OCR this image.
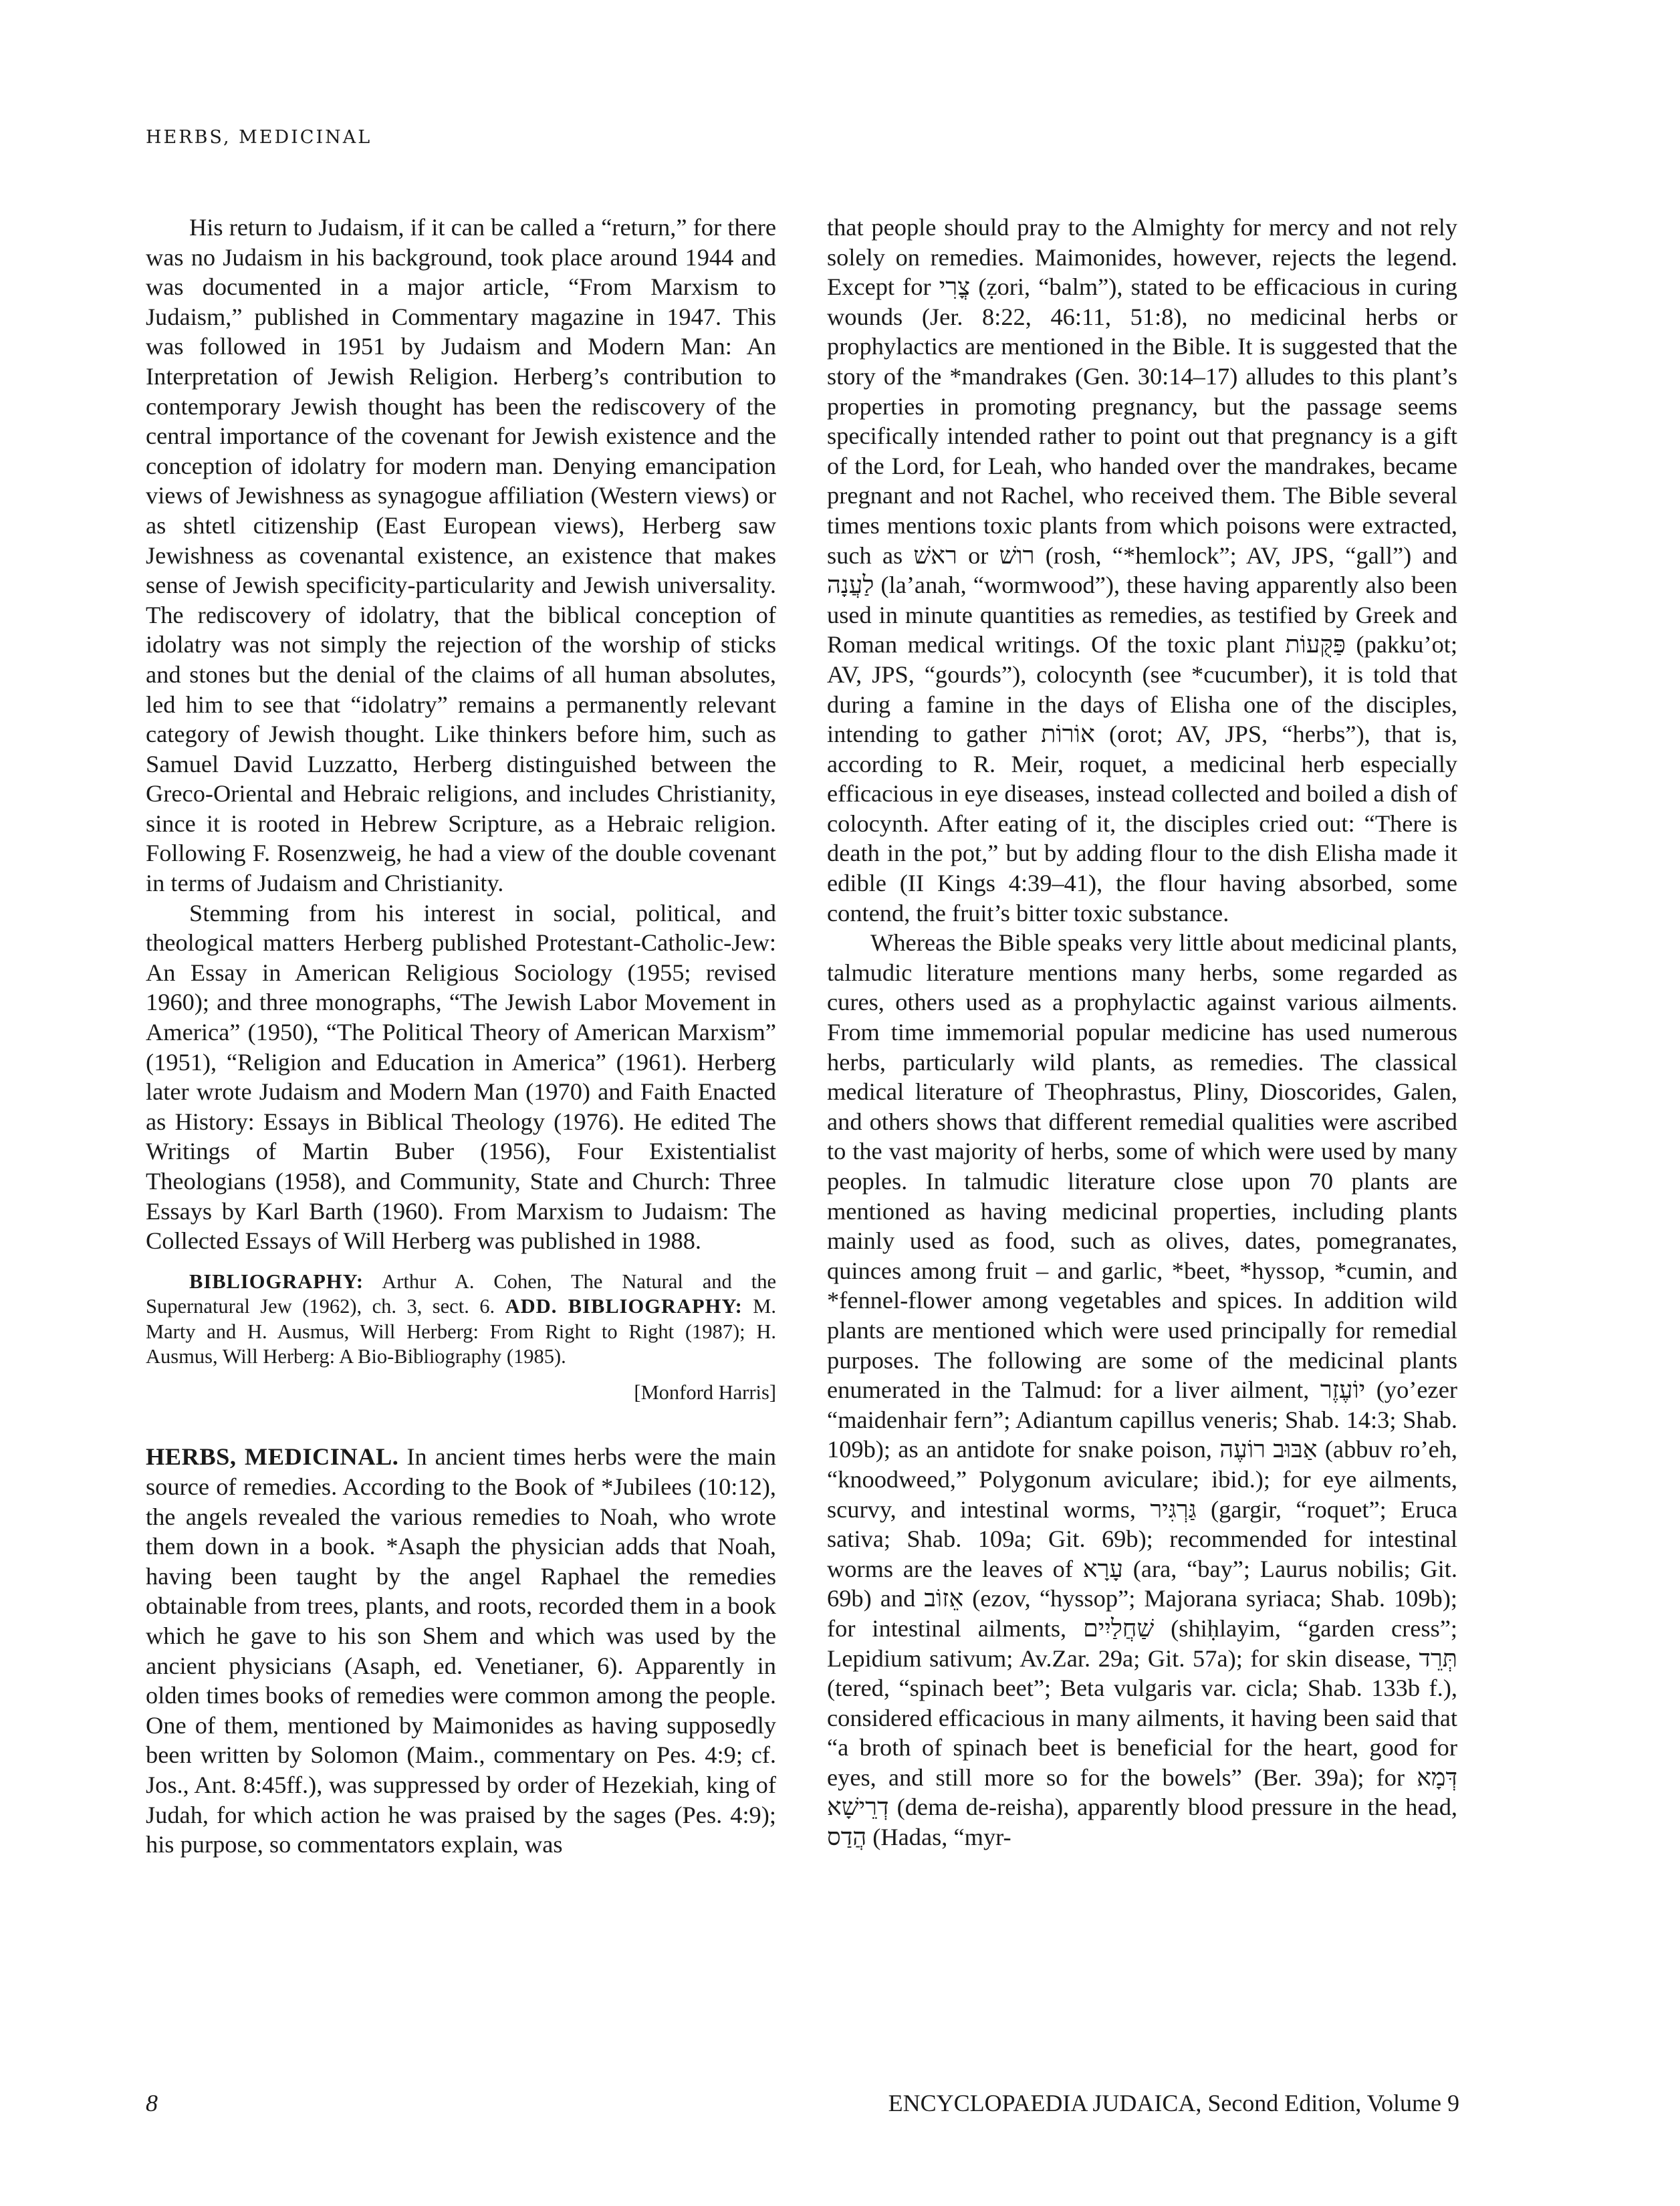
HERBS, MEDICINAL

His return to Judaism, if it can be called a “return,” for there was no Judaism in his background, took place around 1944 and was documented in a major article, “From Marxism to Judaism,” published in Commentary magazine in 1947. This was followed in 1951 by Judaism and Modern Man: An Interpretation of Jewish Religion. Herberg’s contribution to contemporary Jewish thought has been the rediscovery of the central importance of the covenant for Jewish existence and the conception of idolatry for modern man. Denying emancipation views of Jewishness as synagogue affiliation (Western views) or as shtetl citizenship (East European views), Herberg saw Jewishness as covenantal existence, an existence that makes sense of Jewish specificity-particularity and Jewish universality. The rediscovery of idolatry, that the biblical conception of idolatry was not simply the rejection of the worship of sticks and stones but the denial of the claims of all human absolutes, led him to see that “idolatry” remains a permanently relevant category of Jewish thought. Like thinkers before him, such as Samuel David Luzzatto, Herberg distinguished between the Greco-Oriental and Hebraic religions, and includes Christianity, since it is rooted in Hebrew Scripture, as a Hebraic religion. Following F. Rosenzweig, he had a view of the double covenant in terms of Judaism and Christianity.

Stemming from his interest in social, political, and theological matters Herberg published Protestant-Catholic-Jew: An Essay in American Religious Sociology (1955; revised 1960); and three monographs, “The Jewish Labor Movement in America” (1950), “The Political Theory of American Marxism” (1951), “Religion and Education in America” (1961). Herberg later wrote Judaism and Modern Man (1970) and Faith Enacted as History: Essays in Biblical Theology (1976). He edited The Writings of Martin Buber (1956), Four Existentialist Theologians (1958), and Community, State and Church: Three Essays by Karl Barth (1960). From Marxism to Judaism: The Collected Essays of Will Herberg was published in 1988.

BIBLIOGRAPHY: Arthur A. Cohen, The Natural and the Supernatural Jew (1962), ch. 3, sect. 6. ADD. BIBLIOGRAPHY: M. Marty and H. Ausmus, Will Herberg: From Right to Right (1987); H. Ausmus, Will Herberg: A Bio-Bibliography (1985).

[Monford Harris]

HERBS, MEDICINAL. In ancient times herbs were the main source of remedies. According to the Book of *Jubilees (10:12), the angels revealed the various remedies to Noah, who wrote them down in a book. *Asaph the physician adds that Noah, having been taught by the angel Raphael the remedies obtainable from trees, plants, and roots, recorded them in a book which he gave to his son Shem and which was used by the ancient physicians (Asaph, ed. Venetianer, 6). Apparently in olden times books of remedies were common among the people. One of them, mentioned by Maimonides as having supposedly been written by Solomon (Maim., commentary on Pes. 4:9; cf. Jos., Ant. 8:45ff.), was suppressed by order of Hezekiah, king of Judah, for which action he was praised by the sages (Pes. 4:9); his purpose, so commentators explain, was

that people should pray to the Almighty for mercy and not rely solely on remedies. Maimonides, however, rejects the legend. Except for צֳרִי (ẓori, “balm”), stated to be efficacious in curing wounds (Jer. 8:22, 46:11, 51:8), no medicinal herbs or prophylactics are mentioned in the Bible. It is suggested that the story of the *mandrakes (Gen. 30:14–17) alludes to this plant’s properties in promoting pregnancy, but the passage seems specifically intended rather to point out that pregnancy is a gift of the Lord, for Leah, who handed over the mandrakes, became pregnant and not Rachel, who received them. The Bible several times mentions toxic plants from which poisons were extracted, such as ראשׁ or רושׁ (rosh, “*hemlock”; AV, JPS, “gall”) and לַעֲנָה (la’anah, “wormwood”), these having apparently also been used in minute quantities as remedies, as testified by Greek and Roman medical writings. Of the toxic plant פַּקֻּעוֹת (pakku’ot; AV, JPS, “gourds”), colocynth (see *cucumber), it is told that during a famine in the days of Elisha one of the disciples, intending to gather אוֹרוֹת (orot; AV, JPS, “herbs”), that is, according to R. Meir, roquet, a medicinal herb especially efficacious in eye diseases, instead collected and boiled a dish of colocynth. After eating of it, the disciples cried out: “There is death in the pot,” but by adding flour to the dish Elisha made it edible (II Kings 4:39–41), the flour having absorbed, some contend, the fruit’s bitter toxic substance.

Whereas the Bible speaks very little about medicinal plants, talmudic literature mentions many herbs, some regarded as cures, others used as a prophylactic against various ailments. From time immemorial popular medicine has used numerous herbs, particularly wild plants, as remedies. The classical medical literature of Theophrastus, Pliny, Dioscorides, Galen, and others shows that different remedial qualities were ascribed to the vast majority of herbs, some of which were used by many peoples. In talmudic literature close upon 70 plants are mentioned as having medicinal properties, including plants mainly used as food, such as olives, dates, pomegranates, quinces among fruit – and garlic, *beet, *hyssop, *cumin, and *fennel-flower among vegetables and spices. In addition wild plants are mentioned which were used principally for remedial purposes. The following are some of the medicinal plants enumerated in the Talmud: for a liver ailment, יוֹעֶזֶר (yo’ezer “maidenhair fern”; Adiantum capillus veneris; Shab. 14:3; Shab. 109b); as an antidote for snake poison, אַבּוּב רוֹעֶה (abbuv ro’eh, “knoodweed,” Polygonum aviculare; ibid.); for eye ailments, scurvy, and intestinal worms, גַּרְגִּיר (gargir, “roquet”; Eruca sativa; Shab. 109a; Git. 69b); recommended for intestinal worms are the leaves of עָרָא (ara, “bay”; Laurus nobilis; Git. 69b) and אֵזוֹב (ezov, “hyssop”; Majorana syriaca; Shab. 109b); for intestinal ailments, שַׁחֲלַיִים (shiḥlayim, “garden cress”; Lepidium sativum; Av.Zar. 29a; Git. 57a); for skin disease, תְּרֵד (tered, “spinach beet”; Beta vulgaris var. cicla; Shab. 133b f.), considered efficacious in many ailments, it having been said that “a broth of spinach beet is beneficial for the heart, good for eyes, and still more so for the bowels” (Ber. 39a); for דְּמָא דְרֵישָׁא (dema de-reisha), apparently blood pressure in the head, הֲדַס (Hadas, “myr-

8	ENCYCLOPAEDIA JUDAICA, Second Edition, Volume 9
